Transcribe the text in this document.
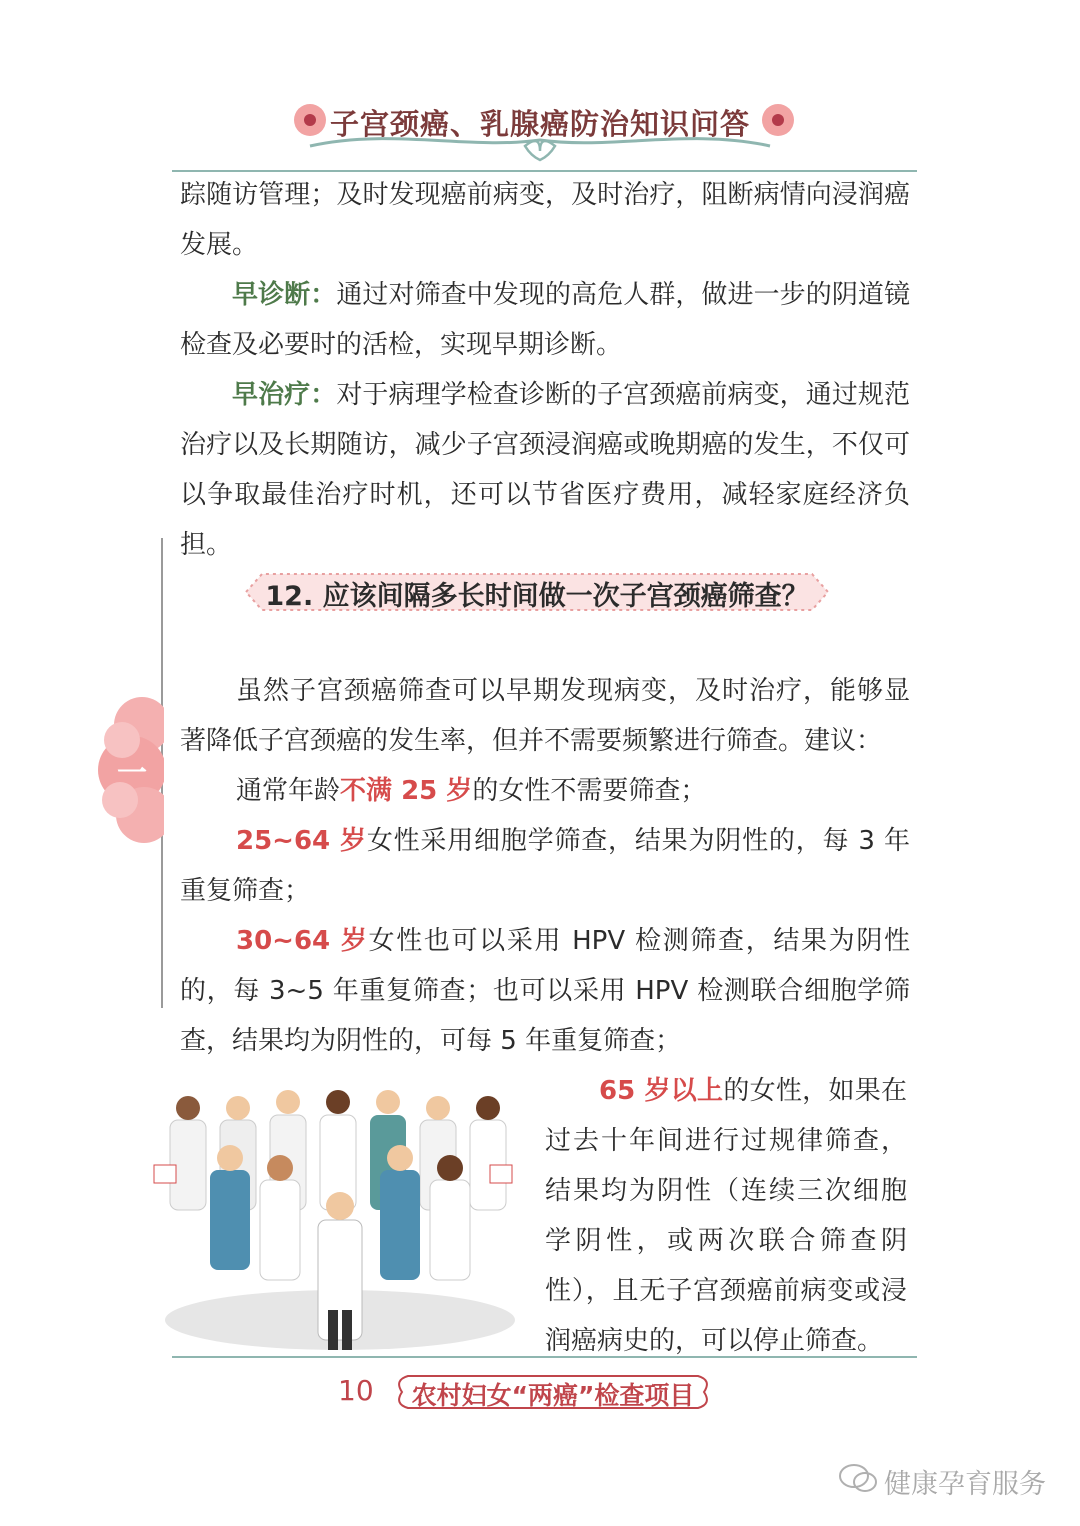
子宫颈癌、乳腺癌防治知识问答

踪随访管理；及时发现癌前病变，及时治疗，阻断病情向浸润癌发展。

早诊断：通过对筛查中发现的高危人群，做进一步的阴道镜检查及必要时的活检，实现早期诊断。

早治疗：对于病理学检查诊断的子宫颈癌前病变，通过规范治疗以及长期随访，减少子宫颈浸润癌或晚期癌的发生，不仅可以争取最佳治疗时机，还可以节省医疗费用，减轻家庭经济负担。

一
12. 应该间隔多长时间做一次子宫颈癌筛查？

虽然子宫颈癌筛查可以早期发现病变，及时治疗，能够显著降低子宫颈癌的发生率，但并不需要频繁进行筛查。建议：

通常年龄不满 25 岁的女性不需要筛查；

25~64 岁女性采用细胞学筛查，结果为阴性的，每 3 年重复筛查；

30~64 岁女性也可以采用 HPV 检测筛查，结果为阴性的，每 3~5 年重复筛查；也可以采用 HPV 检测联合细胞学筛查，结果均为阴性的，可每 5 年重复筛查；

65 岁以上的女性，如果在过去十年间进行过规律筛查，结果均为阴性（连续三次细胞学阴性，或两次联合筛查阴性），且无子宫颈癌前病变或浸润癌病史的，可以停止筛查。
10	农村妇女“两癌”检查项目
健康孕育服务
